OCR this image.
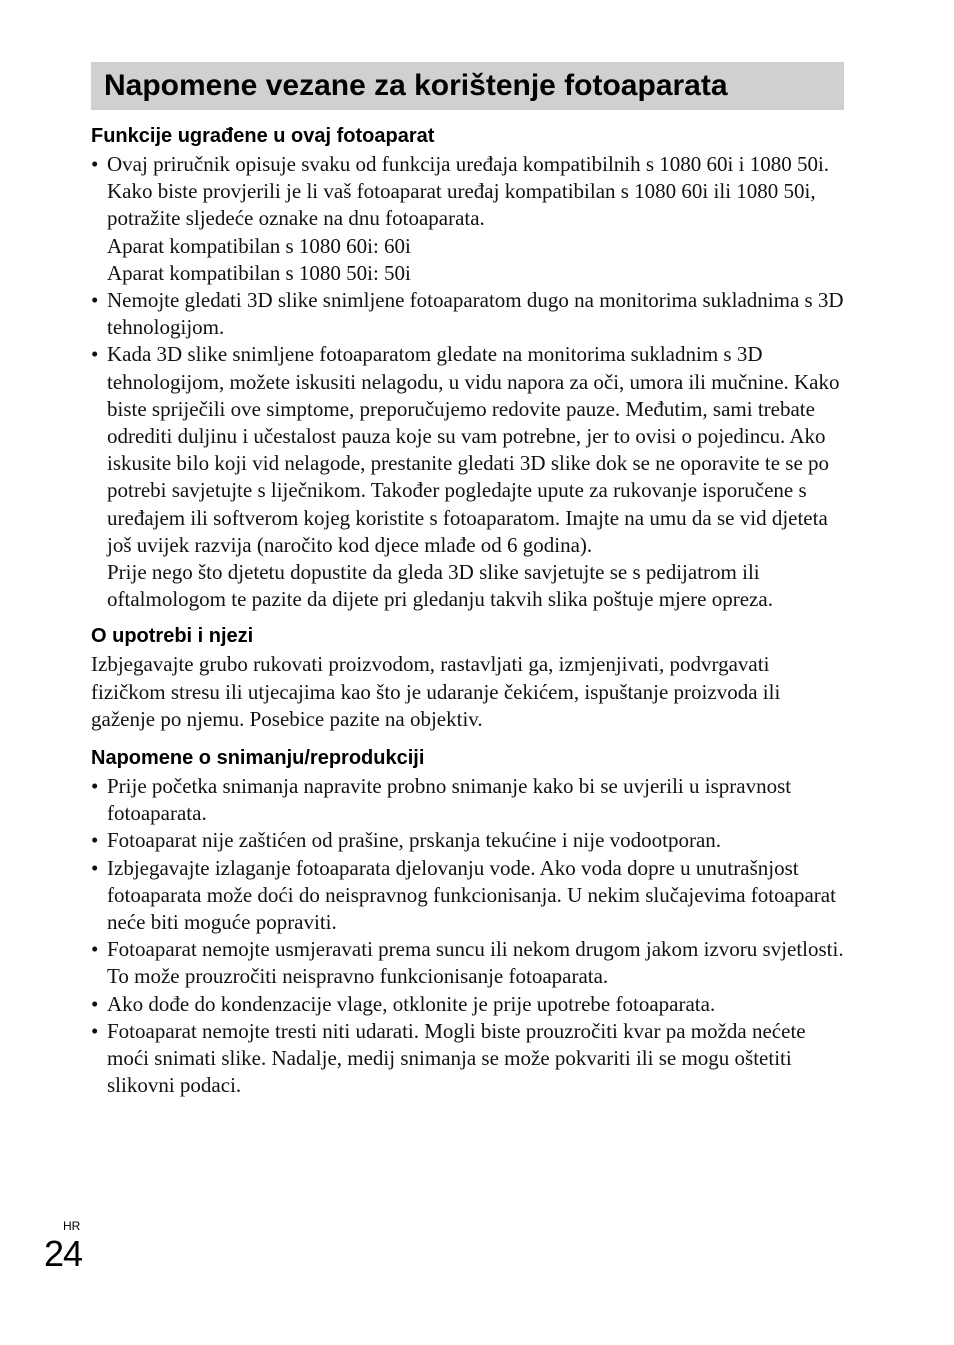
Napomene vezane za korištenje fotoaparata
Funkcije ugrađene u ovaj fotoaparat
• Ovaj priručnik opisuje svaku od funkcija uređaja kompatibilnih s 1080 60i i 1080 50i.

Kako biste provjerili je li vaš fotoaparat uređaj kompatibilan s 1080 60i ili 1080 50i, potražite sljedeće oznake na dnu fotoaparata.

Aparat kompatibilan s 1080 60i: 60i

Aparat kompatibilan s 1080 50i: 50i

• Nemojte gledati 3D slike snimljene fotoaparatom dugo na monitorima sukladnima s 3D tehnologijom.

• Kada 3D slike snimljene fotoaparatom gledate na monitorima sukladnim s 3D tehnologijom, možete iskusiti nelagodu, u vidu napora za oči, umora ili mučnine. Kako biste spriječili ove simptome, preporučujemo redovite pauze. Međutim, sami trebate odrediti duljinu i učestalost pauza koje su vam potrebne, jer to ovisi o pojedincu. Ako iskusite bilo koji vid nelagode, prestanite gledati 3D slike dok se ne oporavite te se po potrebi savjetujte s liječnikom. Također pogledajte upute za rukovanje isporučene s uređajem ili softverom kojeg koristite s fotoaparatom. Imajte na umu da se vid djeteta još uvijek razvija (naročito kod djece mlađe od 6 godina).

Prije nego što djetetu dopustite da gleda 3D slike savjetujte se s pedijatrom ili oftalmologom te pazite da dijete pri gledanju takvih slika poštuje mjere opreza.

O upotrebi i njezi

Izbjegavajte grubo rukovati proizvodom, rastavljati ga, izmjenjivati, podvrgavati fizičkom stresu ili utjecajima kao što je udaranje čekićem, ispuštanje proizvoda ili gaženje po njemu. Posebice pazite na objektiv.

Napomene o snimanju/reprodukciji
• Prije početka snimanja napravite probno snimanje kako bi se uvjerili u ispravnost fotoaparata.

• Fotoaparat nije zaštićen od prašine, prskanja tekućine i nije vodootporan.

• Izbjegavajte izlaganje fotoaparata djelovanju vode. Ako voda dopre u unutrašnjost fotoaparata može doći do neispravnog funkcionisanja. U nekim slučajevima fotoaparat neće biti moguće popraviti.

• Fotoaparat nemojte usmjeravati prema suncu ili nekom drugom jakom izvoru svjetlosti. To može prouzročiti neispravno funkcionisanje fotoaparata.

• Ako dođe do kondenzacije vlage, otklonite je prije upotrebe fotoaparata.

• Fotoaparat nemojte tresti niti udarati. Mogli biste prouzročiti kvar pa možda nećete moći snimati slike. Nadalje, medij snimanja se može pokvariti ili se mogu oštetiti slikovni podaci.

HR
24
